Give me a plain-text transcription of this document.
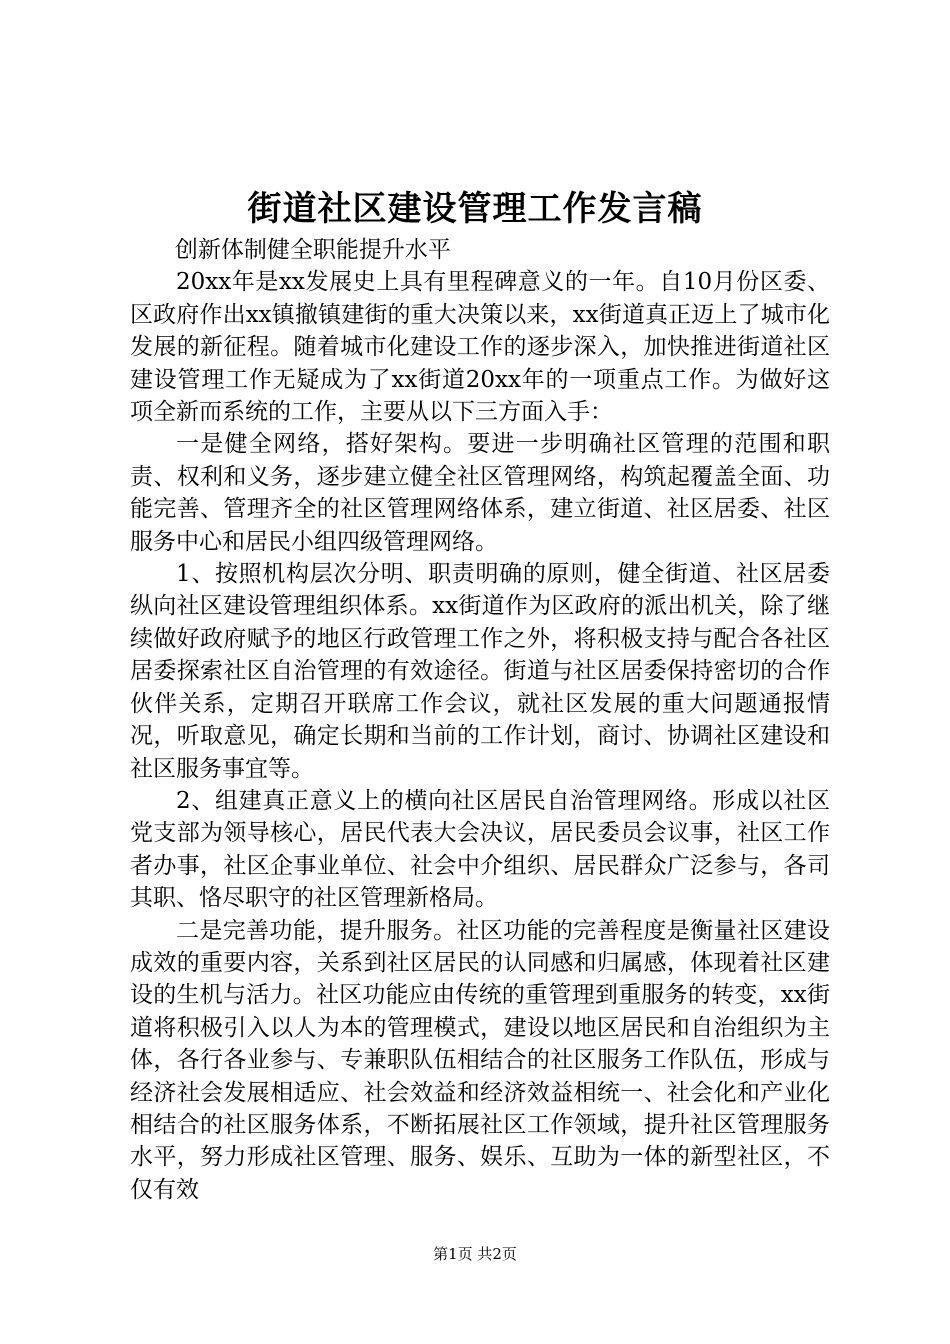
街道社区建设管理工作发言稿

创新体制健全职能提升水平

20xx年是xx发展史上具有里程碑意义的一年。自10月份区委、区政府作出xx镇撤镇建街的重大决策以来，xx街道真正迈上了城市化发展的新征程。随着城市化建设工作的逐步深入，加快推进街道社区建设管理工作无疑成为了xx街道20xx年的一项重点工作。为做好这项全新而系统的工作，主要从以下三方面入手：

一是健全网络，搭好架构。要进一步明确社区管理的范围和职责、权利和义务，逐步建立健全社区管理网络，构筑起覆盖全面、功能完善、管理齐全的社区管理网络体系，建立街道、社区居委、社区服务中心和居民小组四级管理网络。

1、按照机构层次分明、职责明确的原则，健全街道、社区居委纵向社区建设管理组织体系。xx街道作为区政府的派出机关，除了继续做好政府赋予的地区行政管理工作之外，将积极支持与配合各社区居委探索社区自治管理的有效途径。街道与社区居委保持密切的合作伙伴关系，定期召开联席工作会议，就社区发展的重大问题通报情况，听取意见，确定长期和当前的工作计划，商讨、协调社区建设和社区服务事宜等。

2、组建真正意义上的横向社区居民自治管理网络。形成以社区党支部为领导核心，居民代表大会决议，居民委员会议事，社区工作者办事，社区企事业单位、社会中介组织、居民群众广泛参与，各司其职、恪尽职守的社区管理新格局。

二是完善功能，提升服务。社区功能的完善程度是衡量社区建设成效的重要内容，关系到社区居民的认同感和归属感，体现着社区建设的生机与活力。社区功能应由传统的重管理到重服务的转变，xx街道将积极引入以人为本的管理模式，建设以地区居民和自治组织为主体，各行各业参与、专兼职队伍相结合的社区服务工作队伍，形成与经济社会发展相适应、社会效益和经济效益相统一、社会化和产业化相结合的社区服务体系，不断拓展社区工作领域，提升社区管理服务水平，努力形成社区管理、服务、娱乐、互助为一体的新型社区，不仅有效

第1页 共2页
